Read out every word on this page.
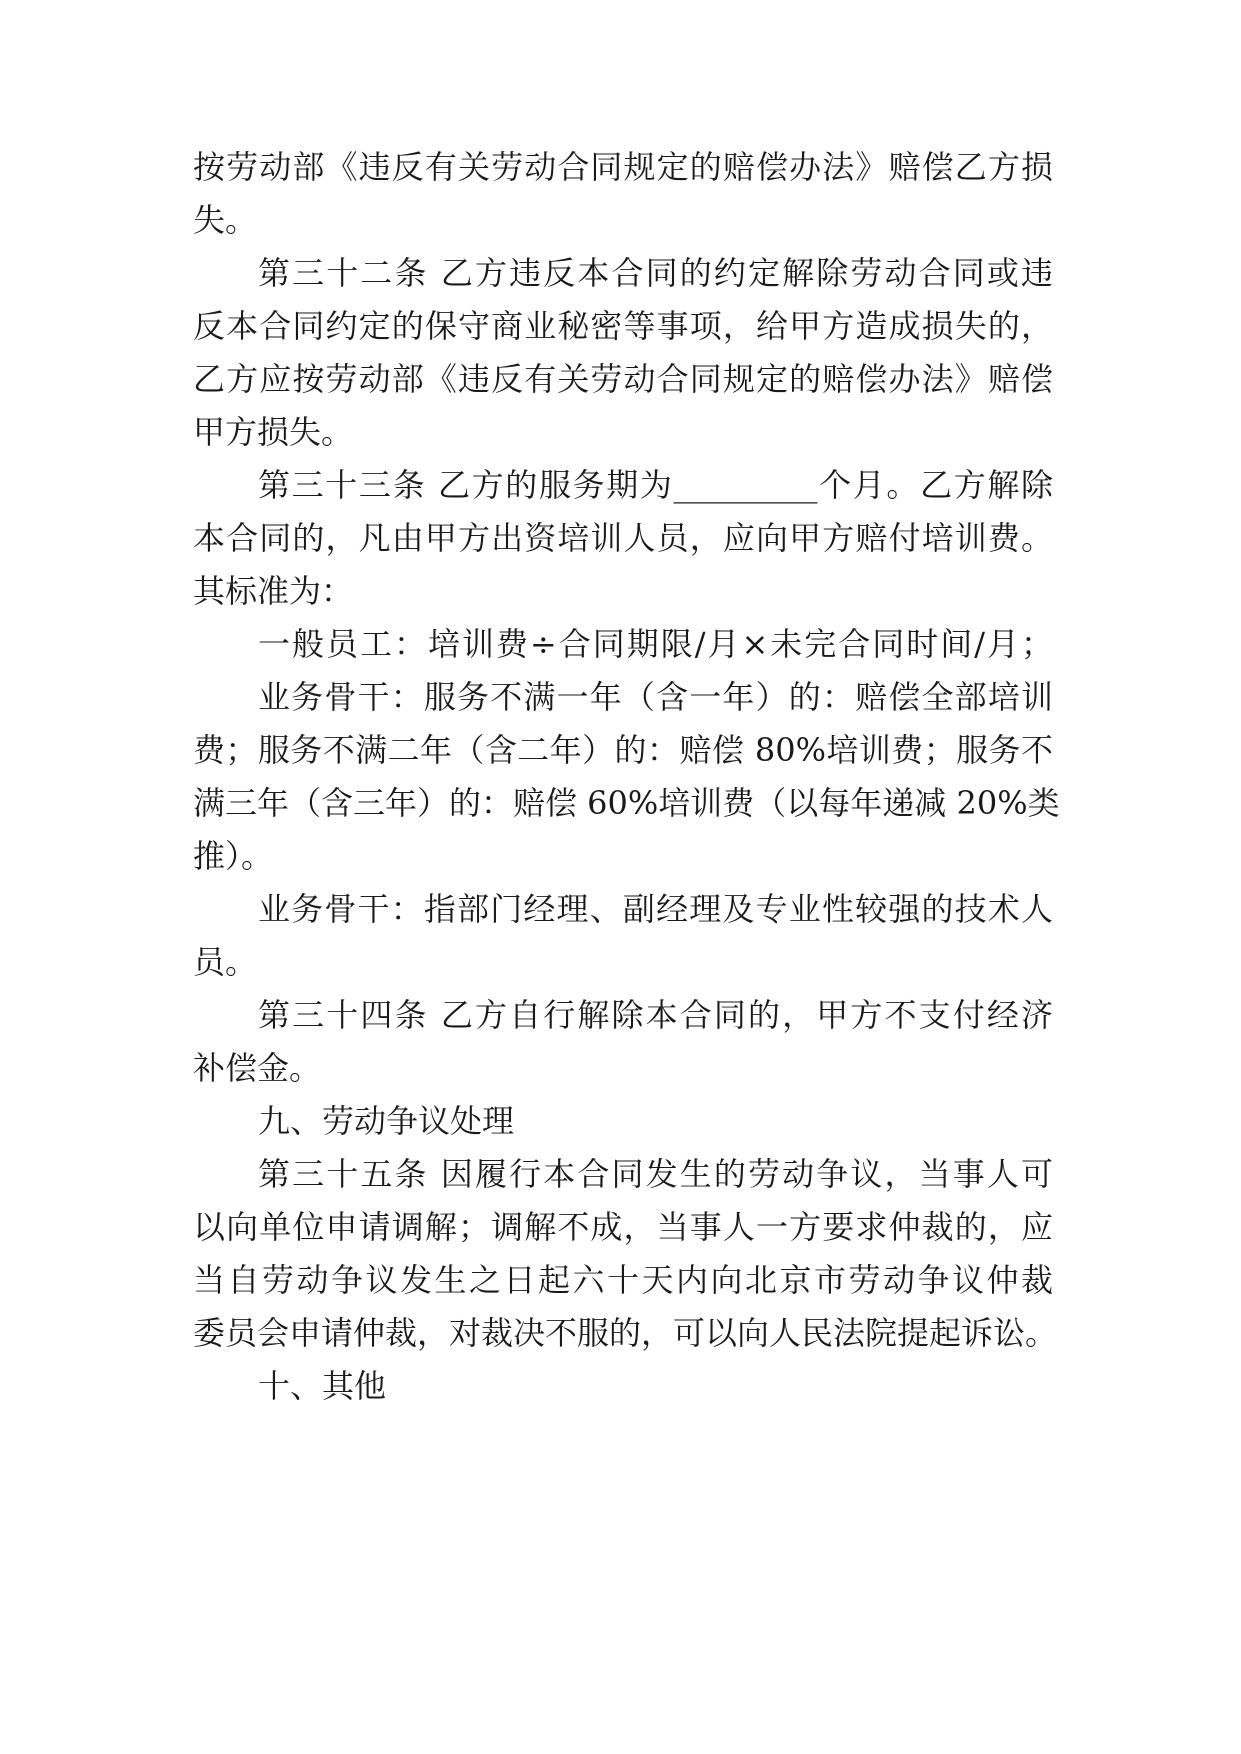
按劳动部《违反有关劳动合同规定的赔偿办法》赔偿乙方损
失。
第三十二条 乙方违反本合同的约定解除劳动合同或违
反本合同约定的保守商业秘密等事项，给甲方造成损失的，
乙方应按劳动部《违反有关劳动合同规定的赔偿办法》赔偿
甲方损失。
第三十三条 乙方的服务期为_________个月。乙方解除
本合同的，凡由甲方出资培训人员，应向甲方赔付培训费。
其标准为：
一般员工：培训费÷合同期限/月×未完合同时间/月；
业务骨干：服务不满一年（含一年）的：赔偿全部培训
费；服务不满二年（含二年）的：赔偿 80%培训费；服务不
满三年（含三年）的：赔偿 60%培训费（以每年递减 20%类
推）。
业务骨干：指部门经理、副经理及专业性较强的技术人
员。
第三十四条 乙方自行解除本合同的，甲方不支付经济
补偿金。
九、劳动争议处理
第三十五条 因履行本合同发生的劳动争议，当事人可
以向单位申请调解；调解不成，当事人一方要求仲裁的，应
当自劳动争议发生之日起六十天内向北京市劳动争议仲裁
委员会申请仲裁，对裁决不服的，可以向人民法院提起诉讼。
十、其他
